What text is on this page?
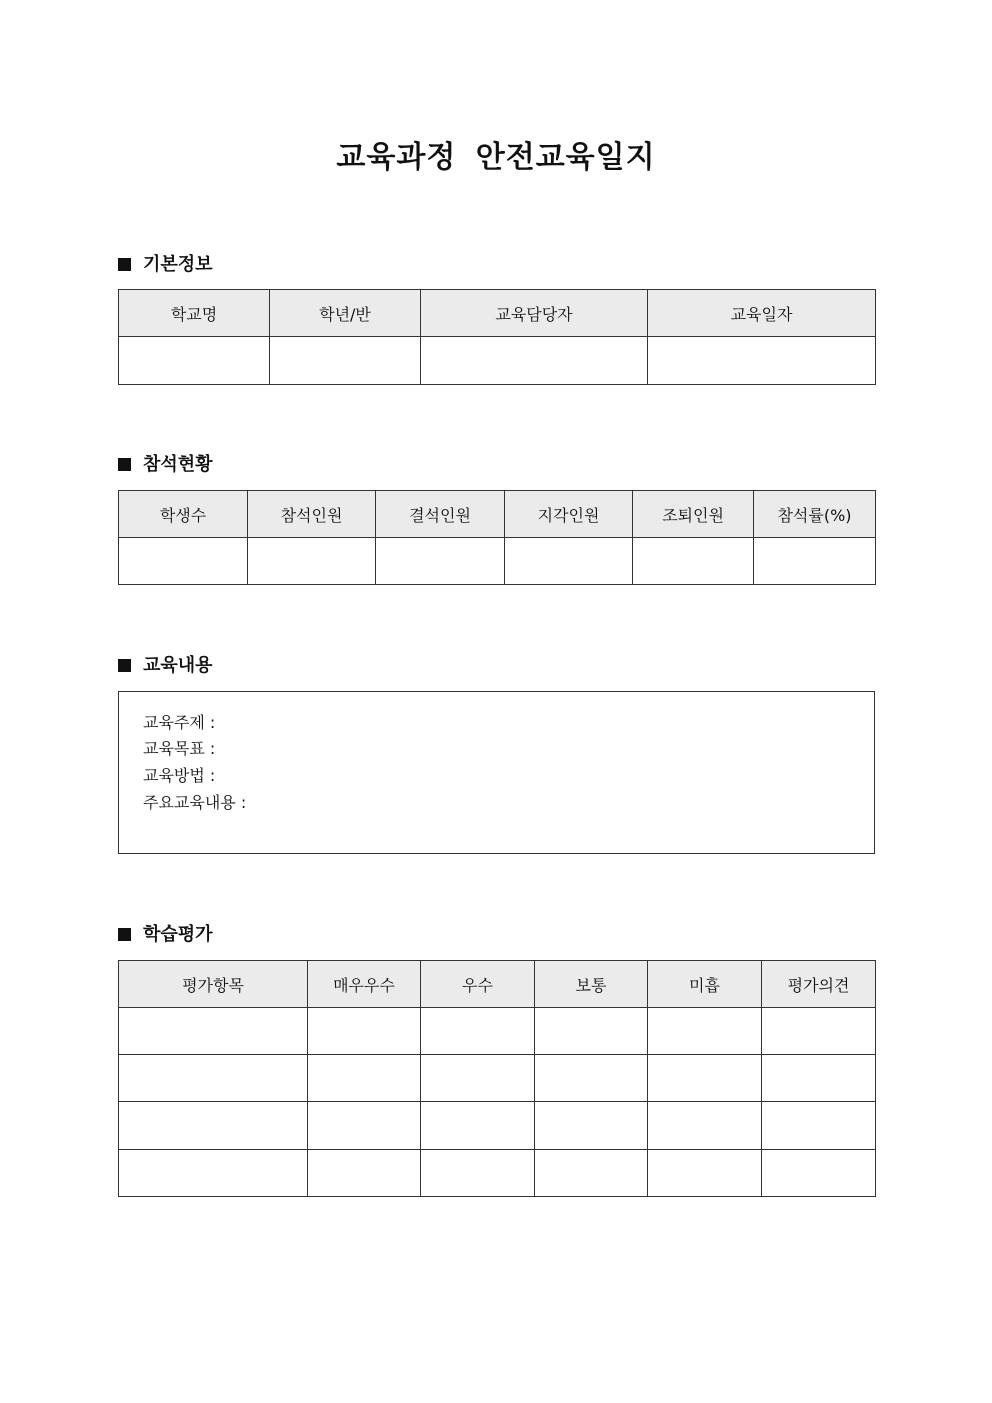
교육과정 안전교육일지
기본정보
학교명	학년/반	교육담당자	교육일자

참석현황
학생수	참석인원	결석인원	지각인원	조퇴인원	참석률(%)

교육내용
교육주제 :
교육목표 :
교육방법 :
주요교육내용 :
학습평가
평가항목	매우우수	우수	보통	미흡	평가의견
